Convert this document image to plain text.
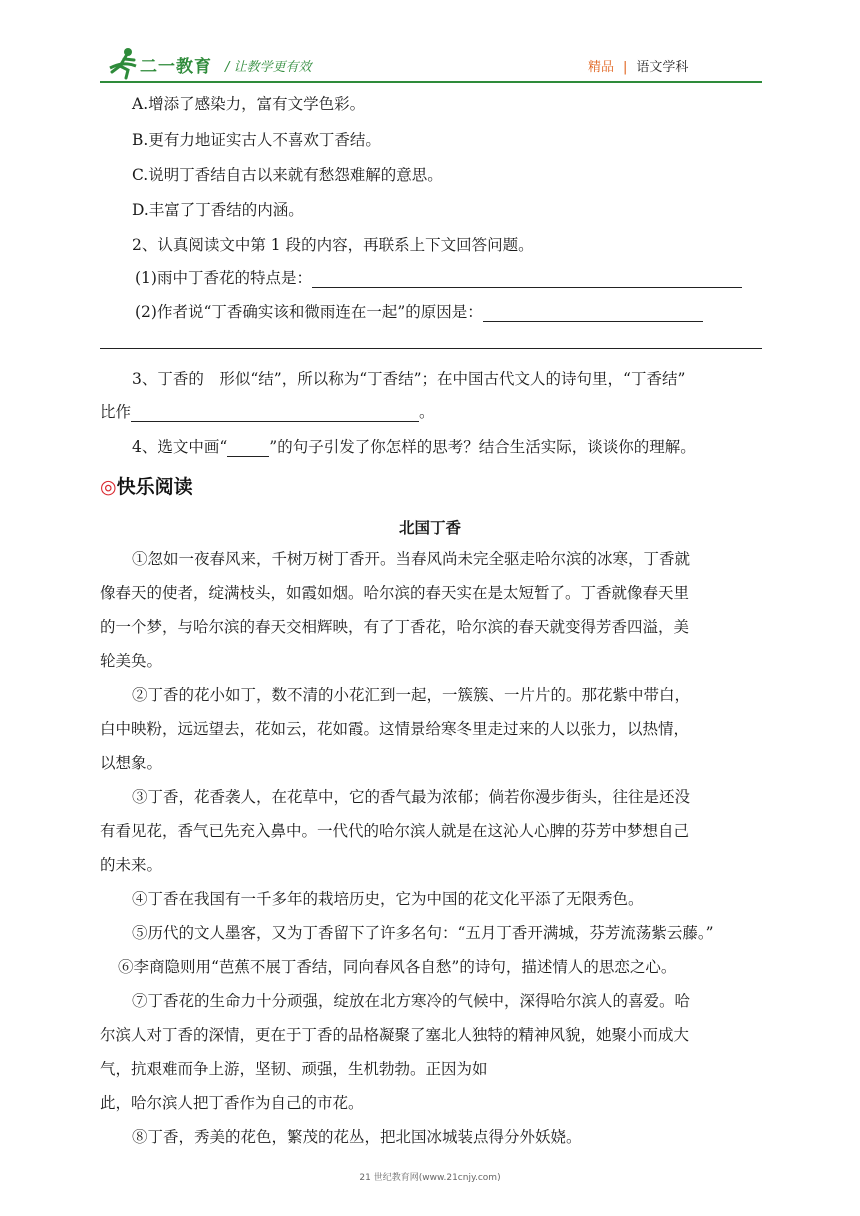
二一教育 / 让教学更有效	精品 | 语文学科
A.增添了感染力，富有文学色彩。
B.更有力地证实古人不喜欢丁香结。
C.说明丁香结自古以来就有愁怨难解的意思。
D.丰富了丁香结的内涵。
2、认真阅读文中第 1 段的内容，再联系上下文回答问题。
(1)雨中丁香花的特点是：
(2)作者说“丁香确实该和微雨连在一起”的原因是：
3、丁香的　形似“结”，所以称为“丁香结”；在中国古代文人的诗句里，“丁香结”
比作	。
4、选文中画“	”的句子引发了你怎样的思考？结合生活实际，谈谈你的理解。
◎快乐阅读
北国丁香
①忽如一夜春风来，千树万树丁香开。当春风尚未完全驱走哈尔滨的冰寒，丁香就
像春天的使者，绽满枝头，如霞如烟。哈尔滨的春天实在是太短暂了。丁香就像春天里
的一个梦，与哈尔滨的春天交相辉映，有了丁香花，哈尔滨的春天就变得芳香四溢，美
轮美奂。
②丁香的花小如丁，数不清的小花汇到一起，一簇簇、一片片的。那花紫中带白，
白中映粉，远远望去，花如云，花如霞。这情景给寒冬里走过来的人以张力，以热情，
以想象。
③丁香，花香袭人，在花草中，它的香气最为浓郁；倘若你漫步街头，往往是还没
有看见花，香气已先充入鼻中。一代代的哈尔滨人就是在这沁人心脾的芬芳中梦想自己
的未来。
④丁香在我国有一千多年的栽培历史，它为中国的花文化平添了无限秀色。
⑤历代的文人墨客，又为丁香留下了许多名句：“五月丁香开满城，芬芳流荡紫云藤。”
⑥李商隐则用“芭蕉不展丁香结，同向春风各自愁”的诗句，描述情人的思恋之心。
⑦丁香花的生命力十分顽强，绽放在北方寒冷的气候中，深得哈尔滨人的喜爱。哈
尔滨人对丁香的深情，更在于丁香的品格凝聚了塞北人独特的精神风貌，她聚小而成大
气，抗艰难而争上游，坚韧、顽强，生机勃勃。正因为如
此，哈尔滨人把丁香作为自己的市花。
⑧丁香，秀美的花色，繁茂的花丛，把北国冰城装点得分外妖娆。
21 世纪教育网(www.21cnjy.com)
